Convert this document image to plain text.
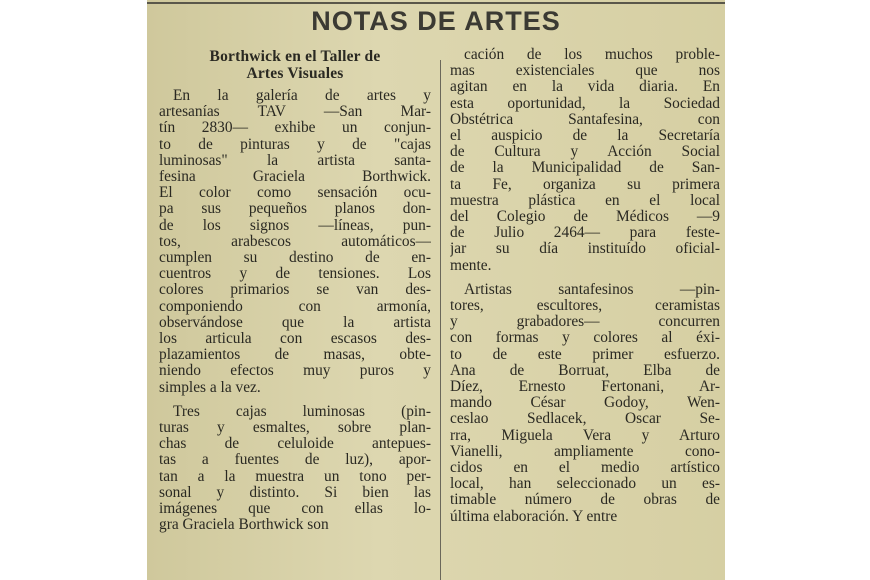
NOTAS DE ARTES
Borthwick en el Taller de
Artes Visuales
En la galería de artes y
artesanías TAV —San Mar-
tín 2830— exhibe un conjun-
to de pinturas y de "cajas
luminosas" la artista santa-
fesina Graciela Borthwick.
El color como sensación ocu-
pa sus pequeños planos don-
de los signos —líneas, pun-
tos, arabescos automáticos—
cumplen su destino de en-
cuentros y de tensiones. Los
colores primarios se van des-
componiendo con armonía,
observándose que la artista
los articula con escasos des-
plazamientos de masas, obte-
niendo efectos muy puros y
simples a la vez.
Tres cajas luminosas (pin-
turas y esmaltes, sobre plan-
chas de celuloide antepues-
tas a fuentes de luz), apor-
tan a la muestra un tono per-
sonal y distinto. Si bien las
imágenes que con ellas lo-
gra Graciela Borthwick son
cación de los muchos proble-
mas existenciales que nos
agitan en la vida diaria. En
esta oportunidad, la Sociedad
Obstétrica Santafesina, con
el auspicio de la Secretaría
de Cultura y Acción Social
de la Municipalidad de San-
ta Fe, organiza su primera
muestra plástica en el local
del Colegio de Médicos —9
de Julio 2464— para feste-
jar su día instituído oficial-
mente.
Artistas santafesinos —pin-
tores, escultores, ceramistas
y grabadores— concurren
con formas y colores al éxi-
to de este primer esfuerzo.
Ana de Borruat, Elba de
Díez, Ernesto Fertonani, Ar-
mando César Godoy, Wen-
ceslao Sedlacek, Oscar Se-
rra, Miguela Vera y Arturo
Vianelli, ampliamente cono-
cidos en el medio artístico
local, han seleccionado un es-
timable número de obras de
última elaboración. Y entre
